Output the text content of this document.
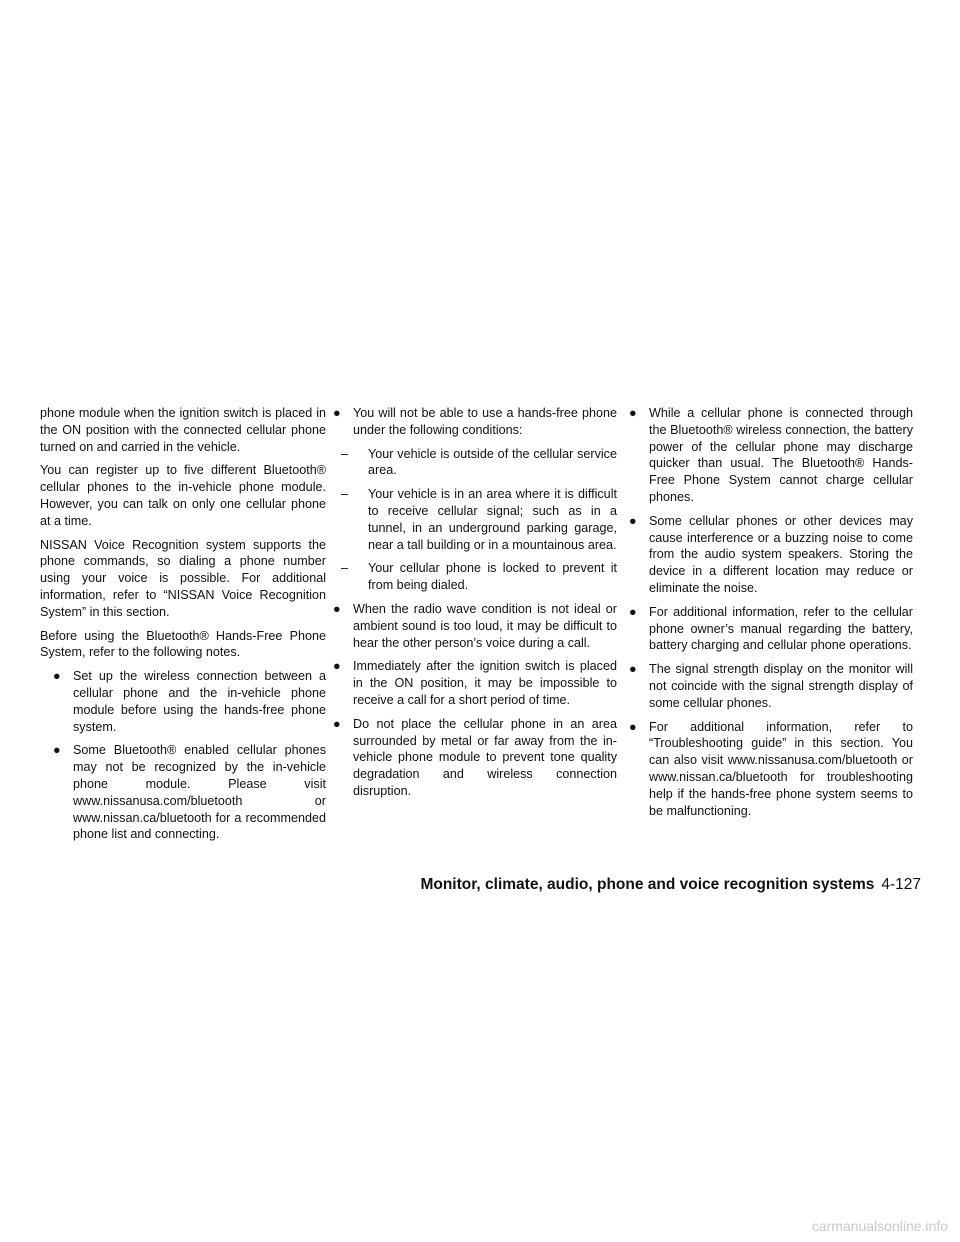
phone module when the ignition switch is placed in the ON position with the connected cellular phone turned on and carried in the vehicle.

You can register up to five different Bluetooth® cellular phones to the in-vehicle phone module. However, you can talk on only one cellular phone at a time.

NISSAN Voice Recognition system supports the phone commands, so dialing a phone number using your voice is possible. For additional information, refer to “NISSAN Voice Recognition System” in this section.

Before using the Bluetooth® Hands-Free Phone System, refer to the following notes.

● Set up the wireless connection between a cellular phone and the in-vehicle phone module before using the hands-free phone system.
● Some Bluetooth® enabled cellular phones may not be recognized by the in-vehicle phone module. Please visit www.nissanusa.com/bluetooth or www.nissan.ca/bluetooth for a recommended phone list and connecting.
● You will not be able to use a hands-free phone under the following conditions:
– Your vehicle is outside of the cellular service area.
– Your vehicle is in an area where it is difficult to receive cellular signal; such as in a tunnel, in an underground parking garage, near a tall building or in a mountainous area.
– Your cellular phone is locked to prevent it from being dialed.
● When the radio wave condition is not ideal or ambient sound is too loud, it may be difficult to hear the other person’s voice during a call.
● Immediately after the ignition switch is placed in the ON position, it may be impossible to receive a call for a short period of time.
● Do not place the cellular phone in an area surrounded by metal or far away from the in-vehicle phone module to prevent tone quality degradation and wireless connection disruption.
● While a cellular phone is connected through the Bluetooth® wireless connection, the battery power of the cellular phone may discharge quicker than usual. The Bluetooth® Hands-Free Phone System cannot charge cellular phones.
● Some cellular phones or other devices may cause interference or a buzzing noise to come from the audio system speakers. Storing the device in a different location may reduce or eliminate the noise.
● For additional information, refer to the cellular phone owner’s manual regarding the battery, battery charging and cellular phone operations.
● The signal strength display on the monitor will not coincide with the signal strength display of some cellular phones.
● For additional information, refer to “Troubleshooting guide” in this section. You can also visit www.nissanusa.com/bluetooth or www.nissan.ca/bluetooth for troubleshooting help if the hands-free phone system seems to be malfunctioning.
Monitor, climate, audio, phone and voice recognition systems 4-127
carmanualsonline.info
